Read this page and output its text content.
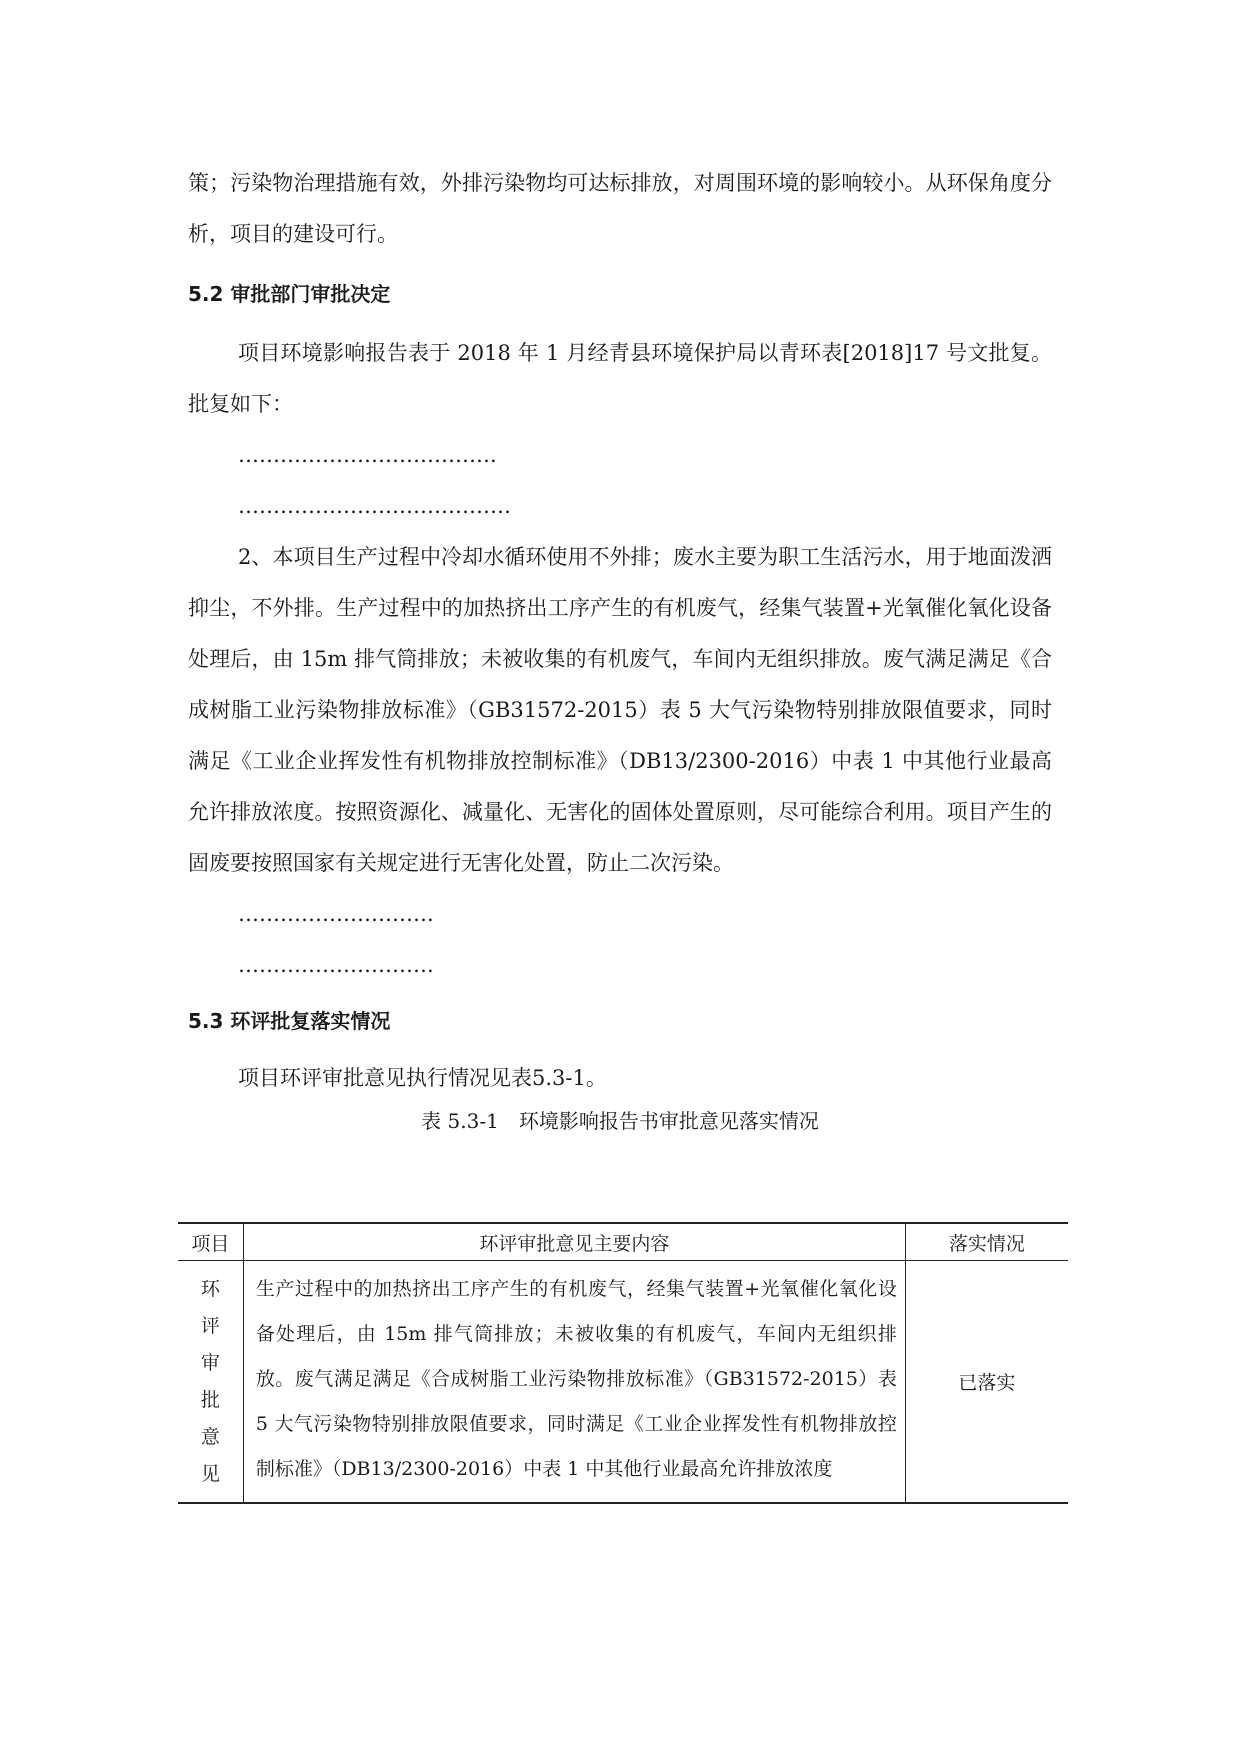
策；污染物治理措施有效，外排污染物均可达标排放，对周围环境的影响较小。从环保角度分析，项目的建设可行。

5.2 审批部门审批决定

项目环境影响报告表于 2018 年 1 月经青县环境保护局以青环表[2018]17 号文批复。批复如下：

……………………………….

…………………………………

2、本项目生产过程中冷却水循环使用不外排；废水主要为职工生活污水，用于地面泼洒抑尘，不外排。生产过程中的加热挤出工序产生的有机废气，经集气装置+光氧催化氧化设备处理后，由 15m 排气筒排放；未被收集的有机废气，车间内无组织排放。废气满足满足《合成树脂工业污染物排放标准》（GB31572-2015）表 5 大气污染物特别排放限值要求，同时满足《工业企业挥发性有机物排放控制标准》（DB13/2300-2016）中表 1 中其他行业最高允许排放浓度。按照资源化、减量化、无害化的固体处置原则，尽可能综合利用。项目产生的固废要按照国家有关规定进行无害化处置，防止二次污染。

……………………….

……………………….

5.3 环评批复落实情况

项目环评审批意见执行情况见表5.3-1。

表 5.3-1　环境影响报告书审批意见落实情况
项目	环评审批意见主要内容	落实情况
环评审批意见	生产过程中的加热挤出工序产生的有机废气，经集气装置+光氧催化氧化设备处理后，由 15m 排气筒排放；未被收集的有机废气，车间内无组织排放。废气满足满足《合成树脂工业污染物排放标准》（GB31572-2015）表 5 大气污染物特别排放限值要求，同时满足《工业企业挥发性有机物排放控制标准》（DB13/2300-2016）中表 1 中其他行业最高允许排放浓度	已落实
